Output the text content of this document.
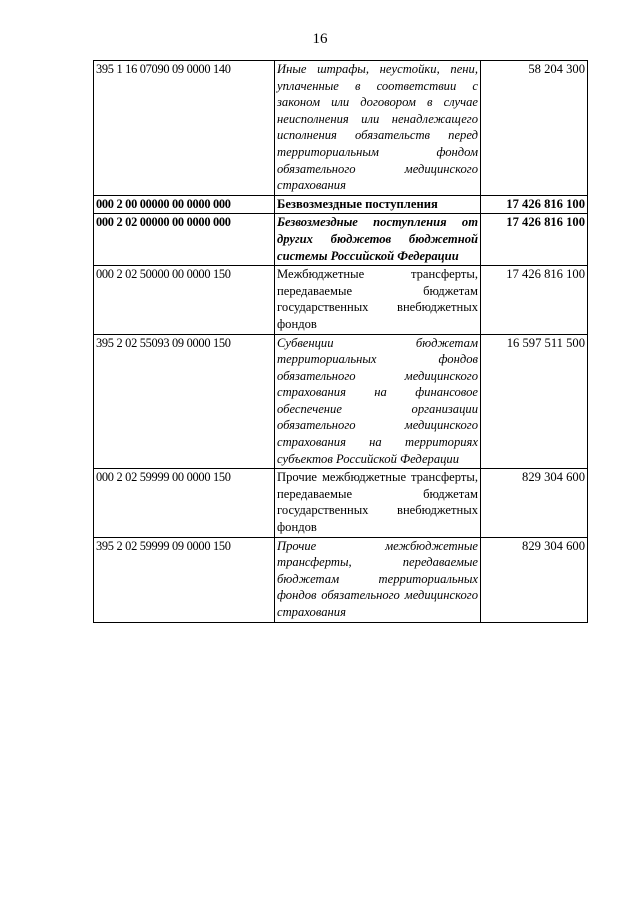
16
395 1 16 07090 09 0000 140	Иные штрафы, неустойки, пени, уплаченные в соответствии с законом или договором в случае неисполнения или ненадлежащего исполнения обязательств перед территориальным фондом обязательного медицинского страхования	58 204 300
000 2 00 00000 00 0000 000	Безвозмездные поступления	17 426 816 100
000 2 02 00000 00 0000 000	Безвозмездные поступления от других бюджетов бюджетной системы Российской Федерации	17 426 816 100
000 2 02 50000 00 0000 150	Межбюджетные трансферты, передаваемые бюджетам государственных внебюджетных фондов	17 426 816 100
395 2 02 55093 09 0000 150	Субвенции бюджетам территориальных фондов обязательного медицинского страхования на финансовое обеспечение организации обязательного медицинского страхования на территориях субъектов Российской Федерации	16 597 511 500
000 2 02 59999 00 0000 150	Прочие межбюджетные трансферты, передаваемые бюджетам государственных внебюджетных фондов	829 304 600
395 2 02 59999 09 0000 150	Прочие межбюджетные трансферты, передаваемые бюджетам территориальных фондов обязательного медицинского страхования	829 304 600
